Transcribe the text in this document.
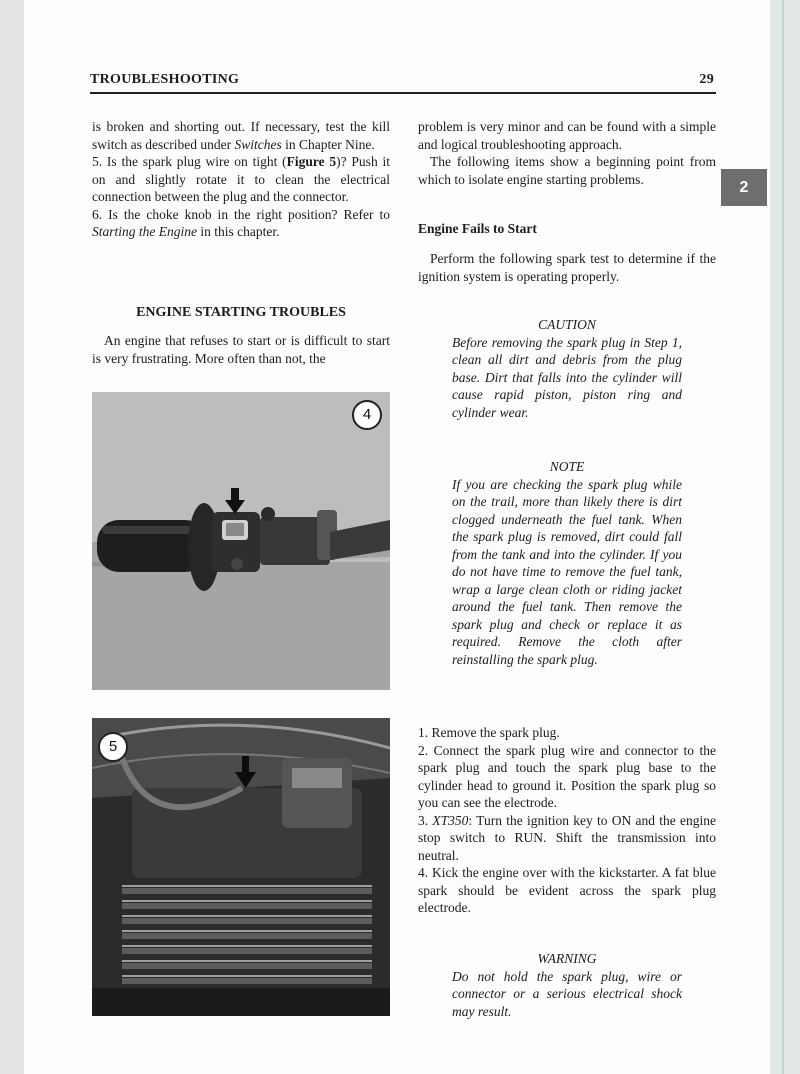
TROUBLESHOOTING	29
2

is broken and shorting out. If necessary, test the kill switch as described under Switches in Chapter Nine.

5. Is the spark plug wire on tight (Figure 5)? Push it on and slightly rotate it to clean the electrical connection between the plug and the connector.

6. Is the choke knob in the right position? Refer to Starting the Engine in this chapter.

ENGINE STARTING TROUBLES

An engine that refuses to start or is difficult to start is very frustrating. More often than not, the

4
5

problem is very minor and can be found with a simple and logical troubleshooting approach.

The following items show a beginning point from which to isolate engine starting problems.

Engine Fails to Start

Perform the following spark test to determine if the ignition system is operating properly.

CAUTION

Before removing the spark plug in Step 1, clean all dirt and debris from the plug base. Dirt that falls into the cylinder will cause rapid piston, piston ring and cylinder wear.

NOTE

If you are checking the spark plug while on the trail, more than likely there is dirt clogged underneath the fuel tank. When the spark plug is removed, dirt could fall from the tank and into the cylinder. If you do not have time to remove the fuel tank, wrap a large clean cloth or riding jacket around the fuel tank. Then remove the spark plug and check or replace it as required. Remove the cloth after reinstalling the spark plug.

1. Remove the spark plug.

2. Connect the spark plug wire and connector to the spark plug and touch the spark plug base to the cylinder head to ground it. Position the spark plug so you can see the electrode.

3. XT350: Turn the ignition key to ON and the engine stop switch to RUN. Shift the transmission into neutral.

4. Kick the engine over with the kickstarter. A fat blue spark should be evident across the spark plug electrode.

WARNING

Do not hold the spark plug, wire or connector or a serious electrical shock may result.
